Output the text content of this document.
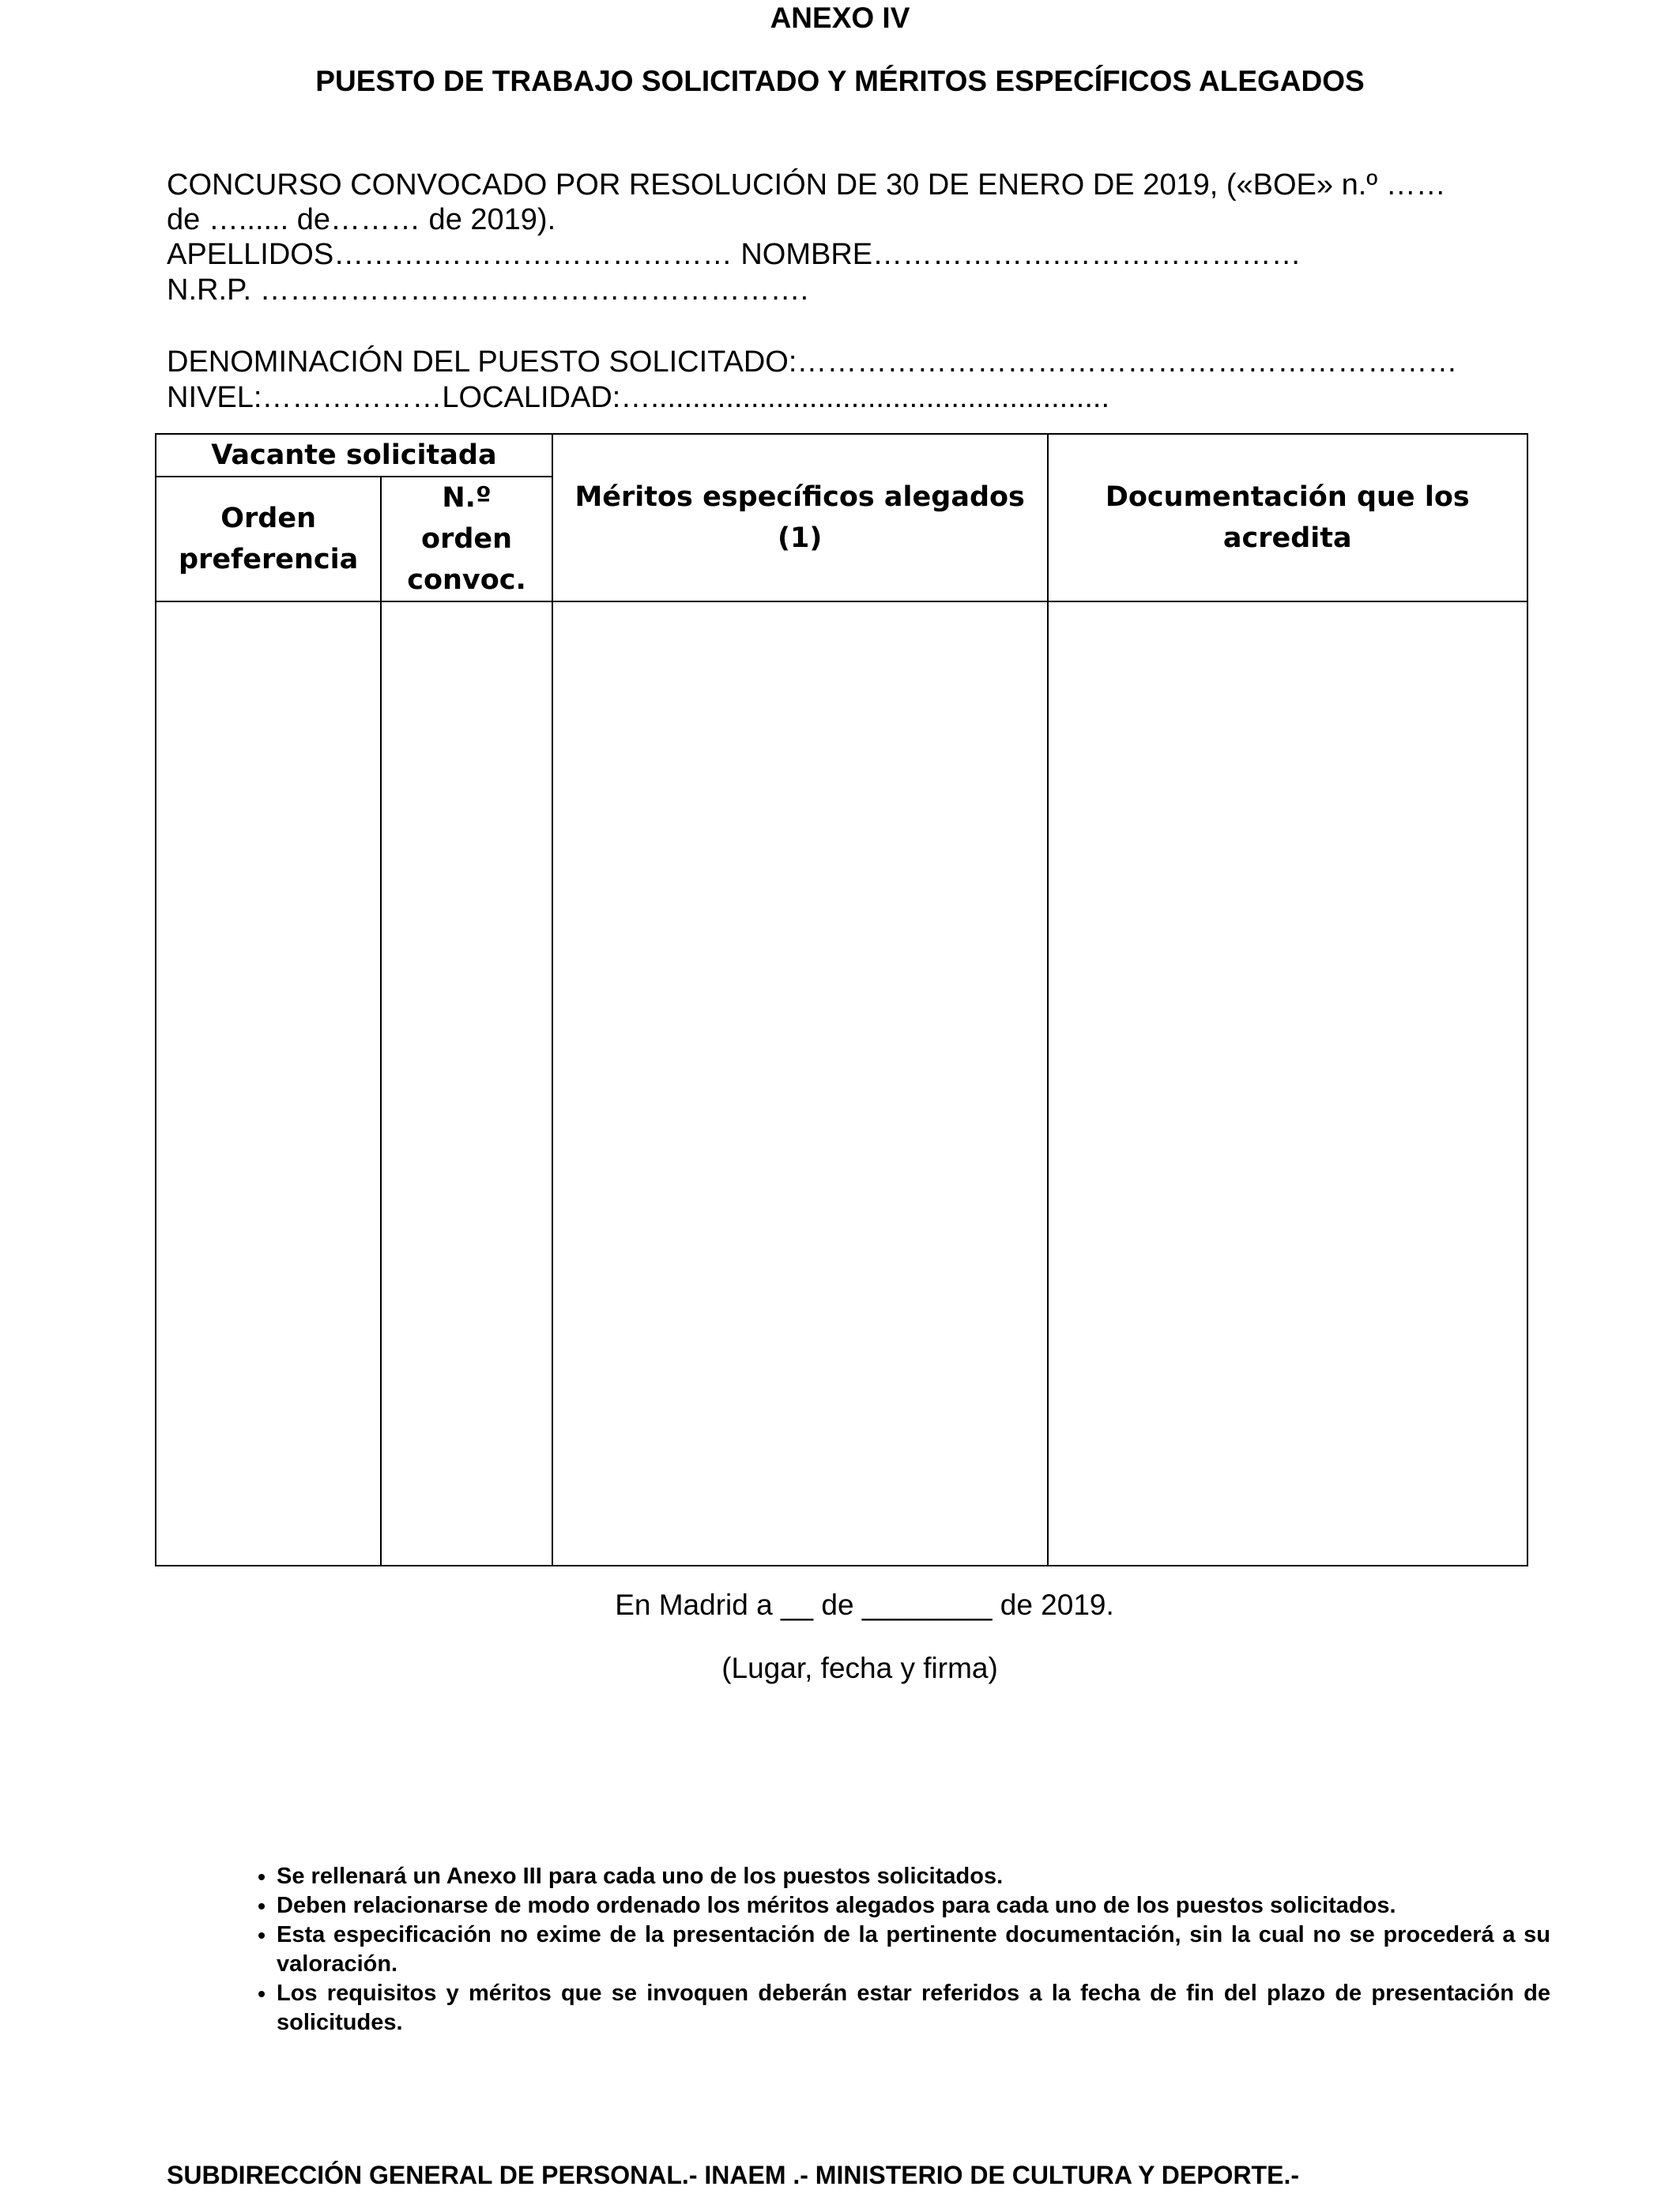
ANEXO IV
PUESTO DE TRABAJO SOLICITADO Y MÉRITOS ESPECÍFICOS ALEGADOS
CONCURSO CONVOCADO POR RESOLUCIÓN DE 30 DE ENERO DE 2019, («BOE» n.º ……
de …...... de……… de 2019).
APELLIDOS……….………………………… NOMBRE……………….……………………
N.R.P. ……………………………………………….
DENOMINACIÓN DEL PUESTO SOLICITADO:…………………………………………………………
NIVEL:………………LOCALIDAD:….......................................................
Vacante solicitada		Méritos específicos alegados (1)	Documentación que los acredita
Orden preferencia	N.º orden convoc.		

En Madrid a __ de ________ de 2019.
(Lugar, fecha y firma)
• Se rellenará un Anexo III para cada uno de los puestos solicitados.
• Deben relacionarse de modo ordenado los méritos alegados para cada uno de los puestos solicitados.
• Esta especificación no exime de la presentación de la pertinente documentación, sin la cual no se procederá a su valoración.
• Los requisitos y méritos que se invoquen deberán estar referidos a la fecha de fin del plazo de presentación de solicitudes.
SUBDIRECCIÓN GENERAL DE PERSONAL.- INAEM .- MINISTERIO DE CULTURA Y DEPORTE.-
